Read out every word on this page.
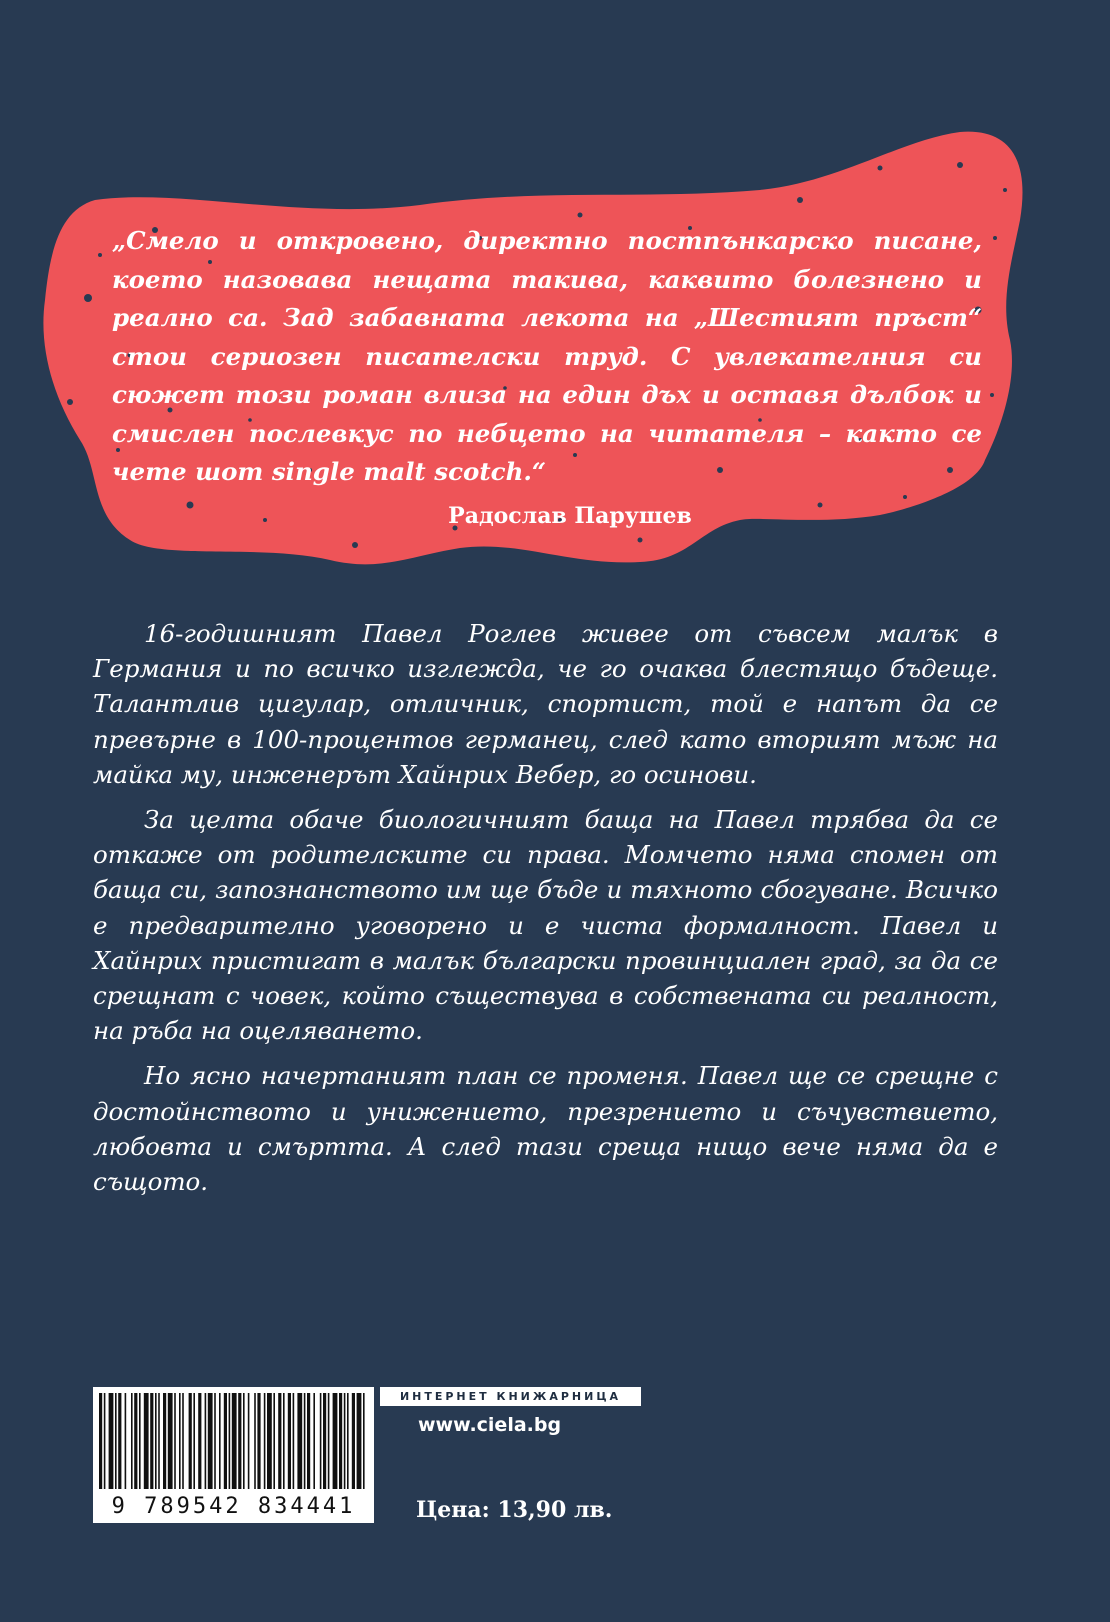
„Смело и откровено, директно постпънкарско писане, което назовава нещата такива, каквито болезнено и реално са. Зад забавната лекота на „Шестият пръст“ стои сериозен писателски труд. С увлекателния си сюжет този роман влиза на един дъх и оставя дълбок и смислен послевкус по небцето на читателя – както се чете шот single malt scotch.“

Радослав Парушев

16-годишният Павел Роглев живее от съвсем малък в Германия и по всичко изглежда, че го очаква блестящо бъдеще. Талантлив цигулар, отличник, спортист, той е напът да се превърне в 100-процентов германец, след като вторият мъж на майка му, инженерът Хайнрих Вебер, го осинови.

За целта обаче биологичният баща на Павел трябва да се откаже от родителските си права. Момчето няма спомен от баща си, запознанството им ще бъде и тяхното сбогуване. Всичко е предварително уговорено и е чиста формалност. Павел и Хайнрих пристигат в малък български провинциален град, за да се срещнат с човек, който съществува в собствената си реалност, на ръба на оцеляването.

Но ясно начертаният план се променя. Павел ще се срещне с достойнството и унижението, презрението и съчувствието, любовта и смъртта. А след тази среща нищо вече няма да е същото.

9 789542 834441
ИНТЕРНЕТ КНИЖАРНИЦА
www.ciela.bg
Цена: 13,90 лв.
